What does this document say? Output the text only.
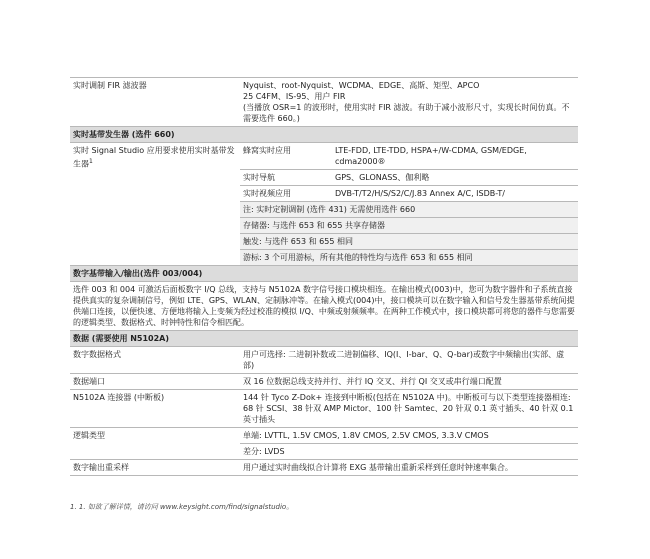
实时调制 FIR 滤波器	Nyquist、root-Nyquist、WCDMA、EDGE、高斯、矩型、APCO
25 C4FM、IS-95、用户 FIR
(当播放 OSR=1 的波形时，使用实时 FIR 滤波。有助于减小波形尺寸，实现长时间仿真。不需要选件 660。)
实时基带发生器 (选件 660)
实时 Signal Studio 应用要求使用实时基带发生器$^1$
蜂窝实时应用	LTE-FDD, LTE-TDD, HSPA+/W-CDMA, GSM/EDGE, cdma2000®
实时导航	GPS、GLONASS、伽利略
实时视频应用	DVB-T/T2/H/S/S2/C/J.83 Annex A/C, ISDB-T/
注: 实时定制调制 (选件 431) 无需使用选件 660
存储器: 与选件 653 和 655 共享存储器
触发: 与选件 653 和 655 相同
游标: 3 个可用游标，所有其他的特性均与选件 653 和 655 相同
数字基带输入/输出(选件 003/004)
选件 003 和 004 可激活后面板数字 I/Q 总线，支持与 N5102A 数字信号接口模块相连。在输出模式(003)中，您可为数字器件和子系统直接提供真实的复杂调制信号，例如 LTE、GPS、WLAN、定制脉冲等。在输入模式(004)中，接口模块可以在数字输入和信号发生器基带系统间提供端口连接，以便快速、方便地将输入上变频为经过校准的模拟 I/Q、中频或射频频率。在两种工作模式中，接口模块都可将您的器件与您需要的逻辑类型、数据格式、时钟特性和信令相匹配。
数据 (需要使用 N5102A)
数字数据格式	用户可选择: 二进制补数或二进制偏移、IQ(I、I-bar、Q、Q-bar)或数字中频输出(实部、虚部)
数据端口	双 16 位数据总线支持并行、并行 IQ 交叉、并行 QI 交叉或串行端口配置
N5102A 连接器 (中断板)	144 针 Tyco Z-Dok+ 连接到中断板(包括在 N5102A 中)。中断板可与以下类型连接器相连: 68 针 SCSI、38 针双 AMP Mictor、100 针 Samtec、20 针双 0.1 英寸插头、40 针双 0.1 英寸插头
逻辑类型	单端: LVTTL, 1.5V CMOS, 1.8V CMOS, 2.5V CMOS, 3.3.V CMOS
差分: LVDS
数字输出重采样	用户通过实时曲线拟合计算将 EXG 基带输出重新采样到任意时钟速率集合。
1. 1. 如欲了解详情，请访问 www.keysight.com/find/signalstudio。
